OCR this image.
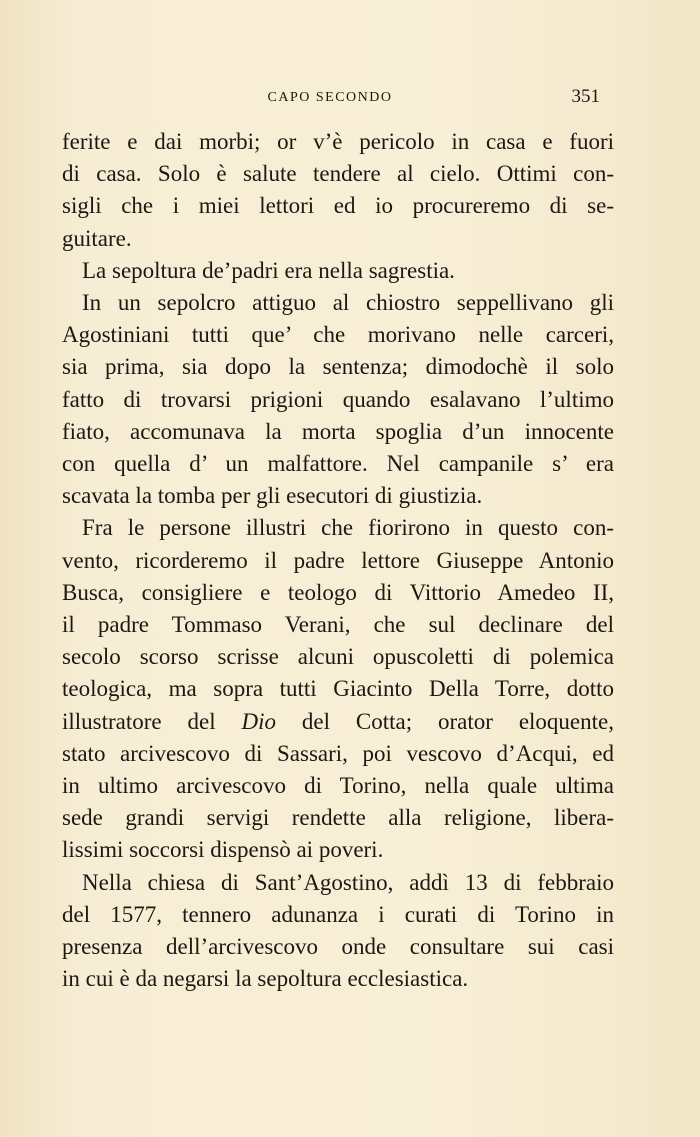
CAPO SECONDO	351

ferite e dai morbi; or v’è pericolo in casa e fuori
di casa. Solo è salute tendere al cielo. Ottimi con-
sigli che i miei lettori ed io procureremo di se-
guitare.

La sepoltura de’padri era nella sagrestia.

In un sepolcro attiguo al chiostro seppellivano gli
Agostiniani tutti que’ che morivano nelle carceri,
sia prima, sia dopo la sentenza; dimodochè il solo
fatto di trovarsi prigioni quando esalavano l’ultimo
fiato, accomunava la morta spoglia d’un innocente
con quella d’ un malfattore. Nel campanile s’ era
scavata la tomba per gli esecutori di giustizia.

Fra le persone illustri che fiorirono in questo con-
vento, ricorderemo il padre lettore Giuseppe Antonio
Busca, consigliere e teologo di Vittorio Amedeo II,
il padre Tommaso Verani, che sul declinare del
secolo scorso scrisse alcuni opuscoletti di polemica
teologica, ma sopra tutti Giacinto Della Torre, dotto
illustratore del Dio del Cotta; orator eloquente,
stato arcivescovo di Sassari, poi vescovo d’Acqui, ed
in ultimo arcivescovo di Torino, nella quale ultima
sede grandi servigi rendette alla religione, libera-
lissimi soccorsi dispensò ai poveri.

Nella chiesa di Sant’Agostino, addì 13 di febbraio
del 1577, tennero adunanza i curati di Torino in
presenza dell’arcivescovo onde consultare sui casi
in cui è da negarsi la sepoltura ecclesiastica.
